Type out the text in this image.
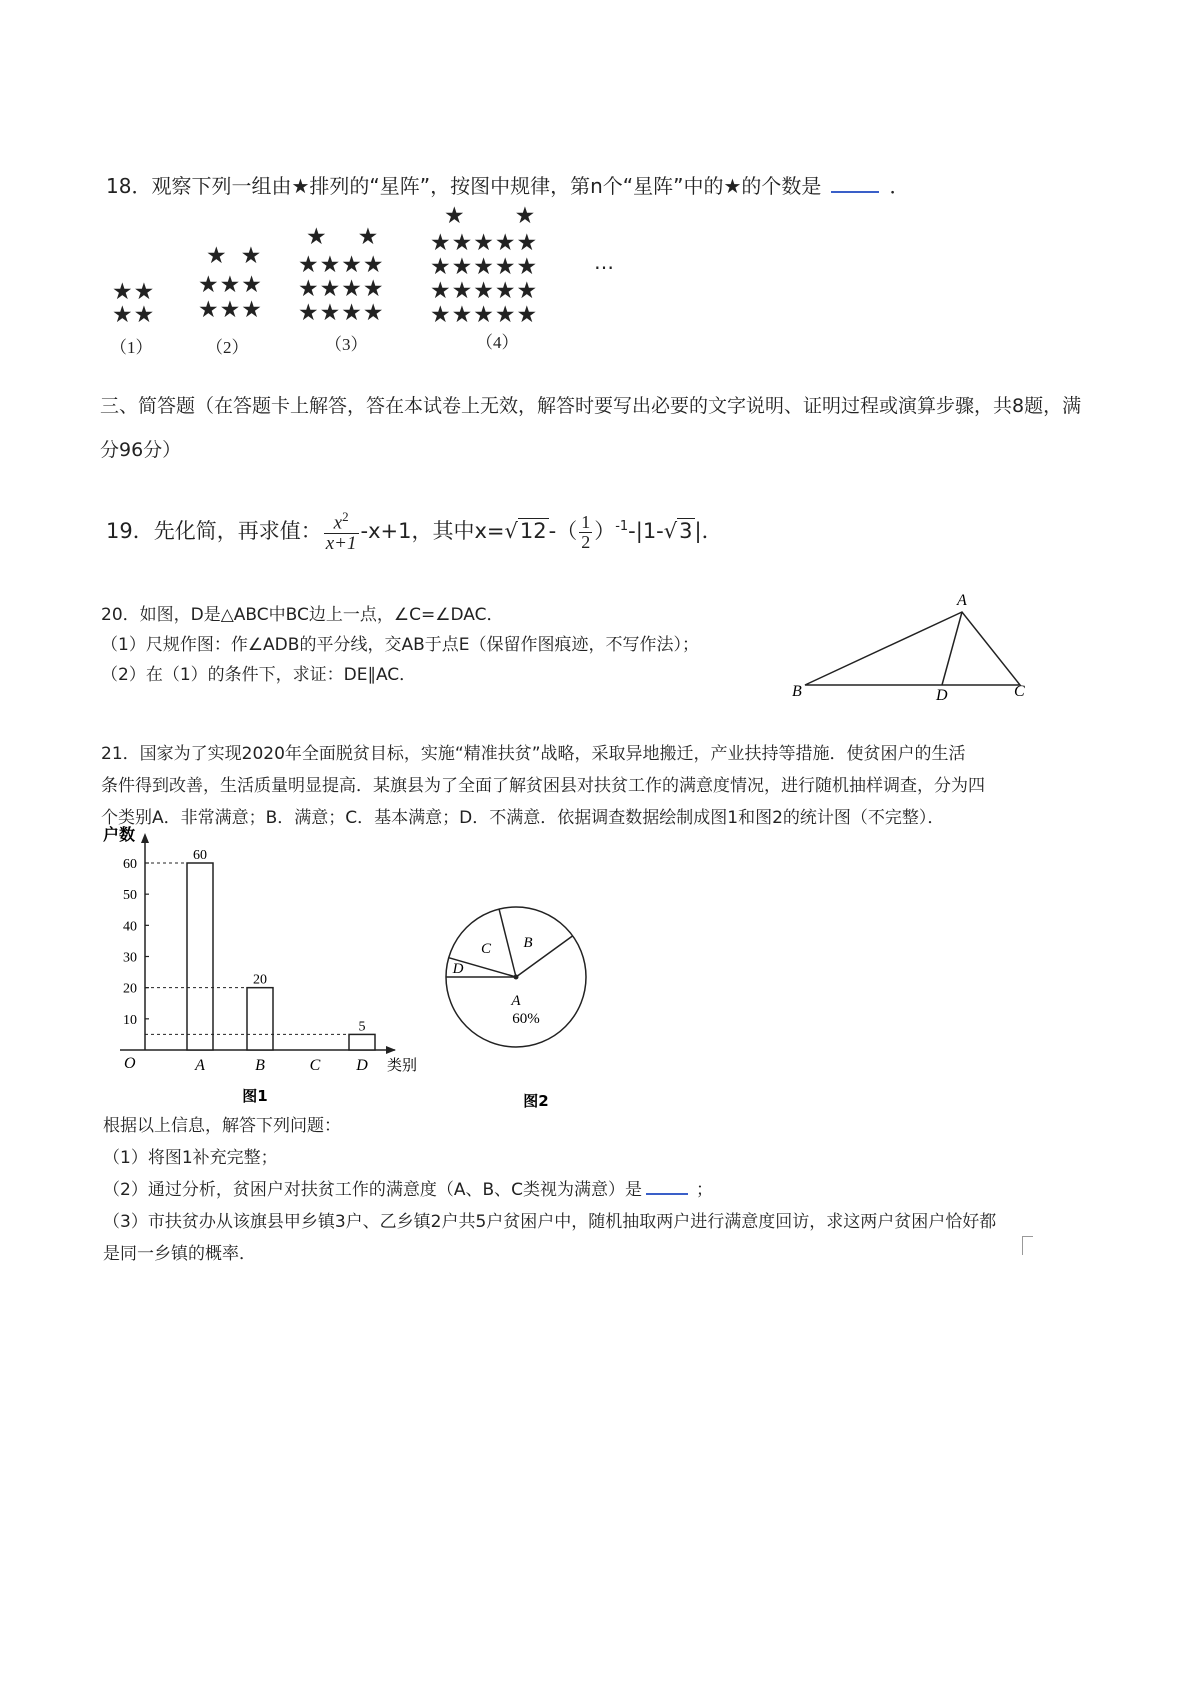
18．观察下列一组由★排列的“星阵”，按图中规律，第n个“星阵”中的★的个数是	．
★★
★★
（1）
★★
★★★
★★★
（2）
★★
★★★★
★★★★
★★★★
（3）
★★
★★★★★
★★★★★
★★★★★
★★★★★
（4）
…
三、简答题（在答题卡上解答，答在本试卷上无效，解答时要写出必要的文字说明、证明过程或演算步骤，共8题，满
分96分）
19．先化简，再求值： $\frac{x^2}{x+1} -x+1$，其中$x=√12-( \frac{1}{2} )^{-1}-|1-√3|$．
20．如图，D是△ABC中BC边上一点，∠C=∠DAC．
（1）尺规作图：作∠ADB的平分线，交AB于点E（保留作图痕迹，不写作法）；
（2）在（1）的条件下，求证：DE∥AC．
A
B	D	C
21．国家为了实现2020年全面脱贫目标，实施“精准扶贫”战略，采取异地搬迁，产业扶持等措施．使贫困户的生活
条件得到改善，生活质量明显提高．某旗县为了全面了解贫困县对扶贫工作的满意度情况，进行随机抽样调查，分为四
个类别A．非常满意；B．满意；C．基本满意；D．不满意．依据调查数据绘制成图1和图2的统计图（不完整）．
户数
类别
O
10
20
30
40
50
60
A
60
B
20
C D
5
图1
A
B
C
D
60%
图2
根据以上信息，解答下列问题：
（1）将图1补充完整；
（2）通过分析，贫困户对扶贫工作的满意度（A、B、C类视为满意）是	；
（3）市扶贫办从该旗县甲乡镇3户、乙乡镇2户共5户贫困户中，随机抽取两户进行满意度回访，求这两户贫困户恰好都
是同一乡镇的概率．
